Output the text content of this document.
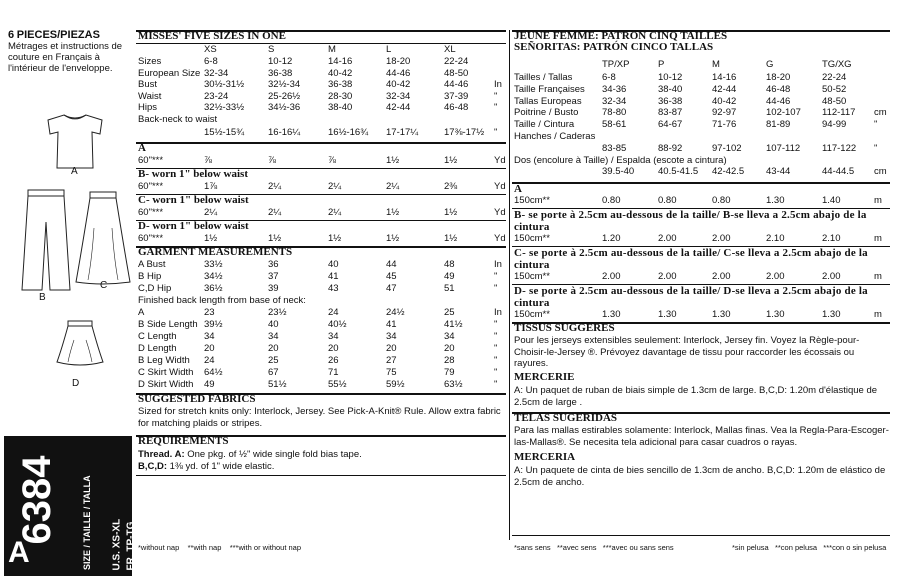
6 PIECES/PIEZAS
Métrages et instructions de couture en Français à l'intérieur de l'enveloppe.
A
B
C
D
6384	SIZE / TAILLE / TALLA U.S. XS-XL
FR. TP-TG
EURO. XP-XG
A
MISSES' FIVE SIZES IN ONE
XS	S	M	L	XL
Sizes	6-8	10-12	14-16	18-20	22-24
European Size 32-34	36-38	40-42	44-46	48-50
Bust	30½-31½	32½-34	36-38	40-42	44-46	In
Waist	23-24	25-26½	28-30	32-34	37-39	"
Hips	32½-33½	34½-36	38-40	42-44	46-48	"
Back-neck to waist
15½-15¾	16-16¼	16½-16¾ 17-17¼	17⅜-17½ "
A
60"***	⅞	⅞	⅞	1½	1½	Yd
B- worn 1" below waist
60"***	1⅞	2¼	2¼	2¼	2⅜	Yd
C- worn 1" below waist
60"***	2¼	2¼	2¼	1½	1½	Yd
D- worn 1" below waist
60"***	1½	1½	1½	1½	1½	Yd
GARMENT MEASUREMENTS
A Bust	33½	36	40	44	48	In
B Hip	34½	37	41	45	49	"
C,D Hip	36½	39	43	47	51	"
Finished back length from base of neck:
A	23	23½	24	24½	25	In
B Side Length 39½	40	40½	41	41½	"
C Length	34	34	34	34	34	"
D Length	20	20	20	20	20	"
B Leg Width 24	25	26	27	28	"
C Skirt Width 64½	67	71	75	79	"
D Skirt Width 49	51½	55½	59½	63½	"
SUGGESTED FABRICS
Sized for stretch knits only: Interlock, Jersey. See Pick-A-Knit® Rule. Allow extra fabric for matching plaids or stripes.
REQUIREMENTS
Thread. A: One pkg. of ½" wide single fold bias tape.
B,C,D: 1⅜ yd. of 1" wide elastic.
*without nap    **with nap    ***with or without nap
JEUNE FEMME: PATRON CINQ TAILLES
SEÑORITAS: PATRÓN CINCO TALLAS
TP/XP	P	M	G	TG/XG
Tailles / Tallas	6-8	10-12	14-16	18-20	22-24
Taille Françaises 34-36	38-40	42-44	46-48	50-52
Tallas Europeas 32-34	36-38	40-42	44-46	48-50
Poitrine / Busto 78-80	83-87	92-97	102-107 112-117 cm
Taille / Cintura	58-61	64-67	71-76	81-89	94-99	"
Hanches / Caderas
83-85	88-92	97-102	107-112 117-122 "
Dos (encolure à Taille) / Espalda (escote a cintura)
39.5-40	40.5-41.5 42-42.5 43-44	44-44.5 cm
A
150cm**	0.80	0.80	0.80	1.30	1.40	m
B- se porte à 2.5cm au-dessous de la taille/ B-se lleva a 2.5cm abajo de la cintura
150cm**	1.20	2.00	2.00	2.10	2.10	m
C- se porte à 2.5cm au-dessous de la taille/ C-se lleva a 2.5cm abajo de la cintura
150cm**	2.00	2.00	2.00	2.00	2.00	m
D- se porte à 2.5cm au-dessous de la taille/ D-se lleva a 2.5cm abajo de la cintura
150cm**	1.30	1.30	1.30	1.30	1.30	m
TISSUS SUGGERES
Pour les jerseys extensibles seulement: Interlock, Jersey fin. Voyez la Règle-pour-Choisir-le-Jersey ®. Prévoyez davantage de tissu pour raccorder les écossais ou rayures.
MERCERIE
A: Un paquet de ruban de biais simple de 1.3cm de large. B,C,D: 1.20m d'élastique de 2.5cm de large .
TELAS SUGERIDAS
Para las mallas estirables solamente: Interlock, Mallas finas. Vea la Regla-Para-Escoger-las-Mallas®. Se necesita tela adicional para casar cuadros o rayas.
MERCERIA
A: Un paquete de cinta de bies sencillo de 1.3cm de ancho. B,C,D: 1.20m de elástico de 2.5cm de ancho.
*sans sens   **avec sens   ***avec ou sans sens	*sin pelusa   **con pelusa   ***con o sin pelusa
